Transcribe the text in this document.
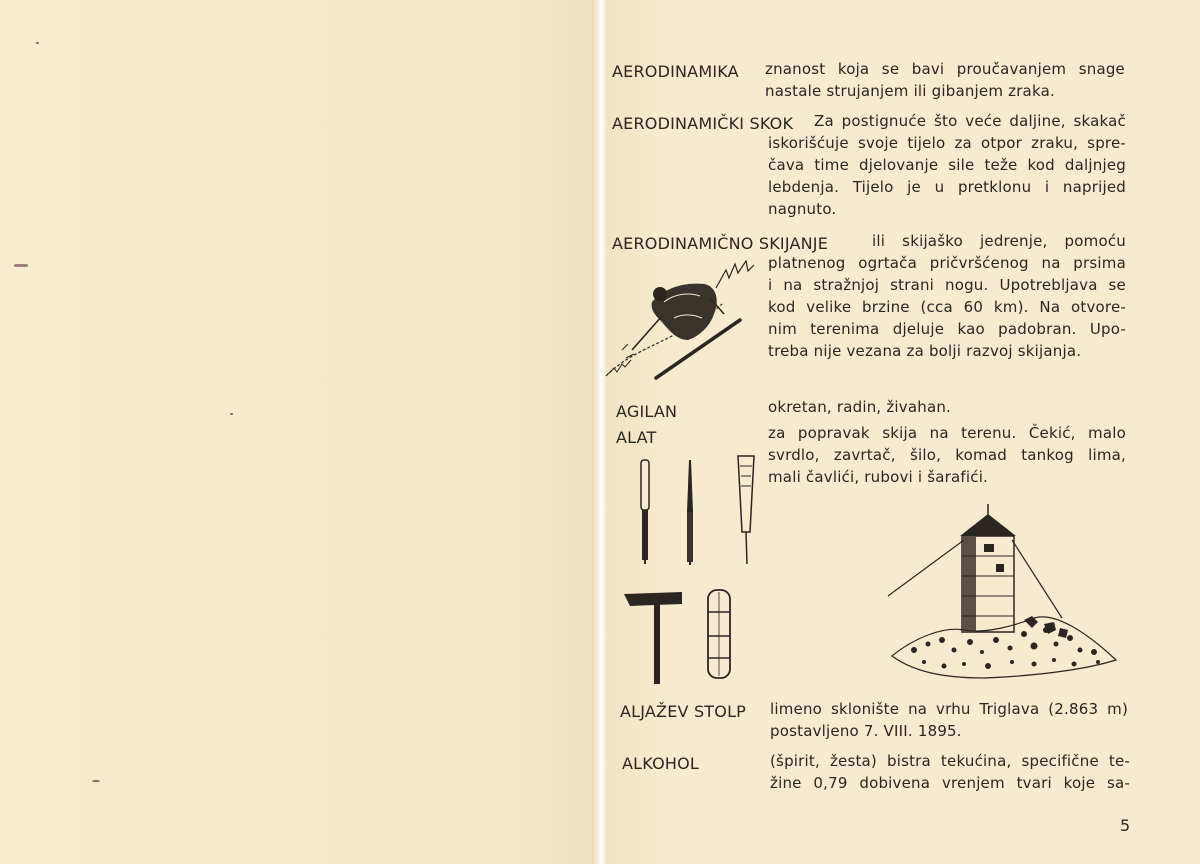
AERODINAMIKA znanost koja se bavi proučavanjem snage
nastale strujanjem ili gibanjem zraka.
AERODINAMIČKI SKOK	Za postignuće što veće daljine, skakač
iskorišćuje svoje tijelo za otpor zraku, spre-
čava time djelovanje sile teže kod daljnjeg
lebdenja. Tijelo je u pretklonu i naprijed
nagnuto.
AERODINAMIČNO SKIJANJE	ili skijaško jedrenje, pomoću
platnenog ogrtača pričvršćenog na prsima
i na stražnjoj strani nogu. Upotrebljava se
kod velike brzine (cca 60 km). Na otvore-
nim terenima djeluje kao padobran. Upo-
treba nije vezana za bolji razvoj skijanja.
AGILAN	okretan, radin, živahan.
ALAT	za popravak skija na terenu. Čekić, malo
svrdlo, zavrtač, šilo, komad tankog lima,
mali čavlići, rubovi i šarafići.
ALJAŽEV STOLP limeno sklonište na vrhu Triglava (2.863 m)
postavljeno 7. VIII. 1895.
ALKOHOL	(špirit, žesta) bistra tekućina, specifične te-
žine 0,79 dobivena vrenjem tvari koje sa-
5
